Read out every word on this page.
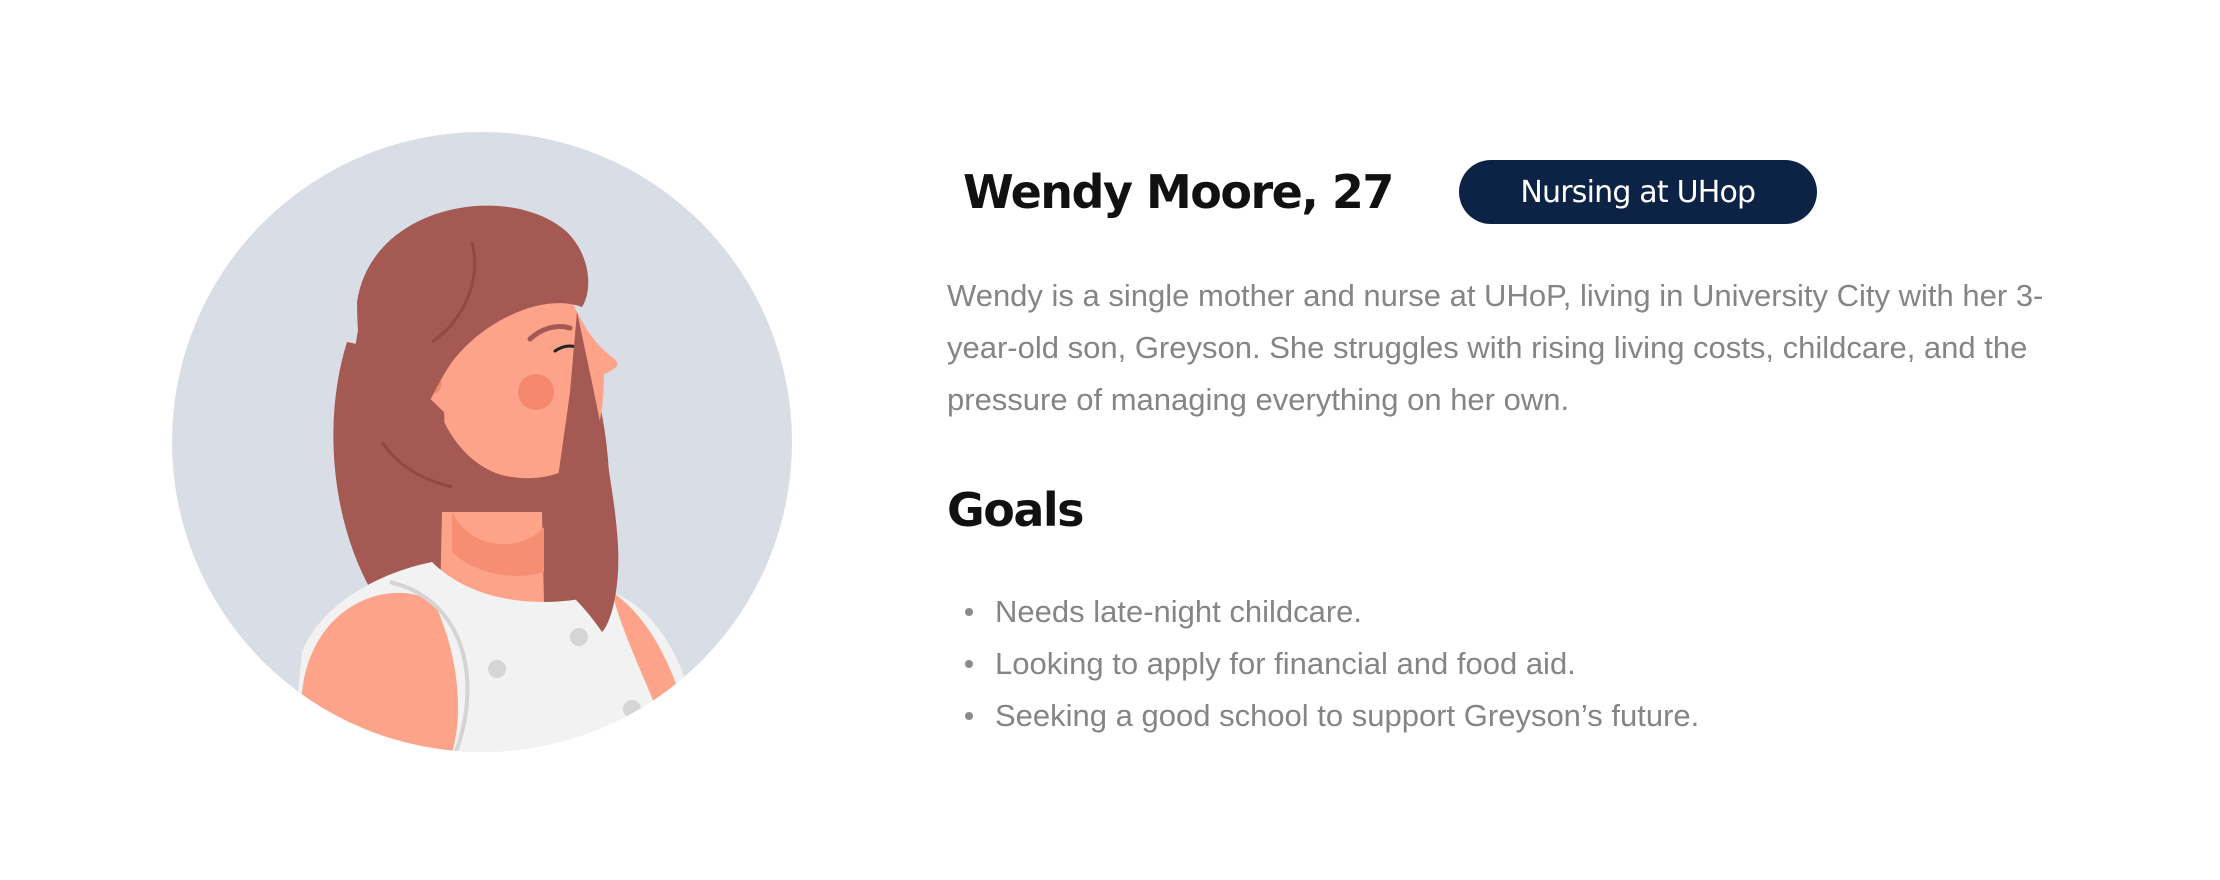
Wendy Moore, 27	Nursing at UHop

Wendy is a single mother and nurse at UHoP, living in University City with her 3-year-old son, Greyson. She struggles with rising living costs, childcare, and the pressure of managing everything on her own.

Goals
Needs late-night childcare.
Looking to apply for financial and food aid.
Seeking a good school to support Greyson’s future.
